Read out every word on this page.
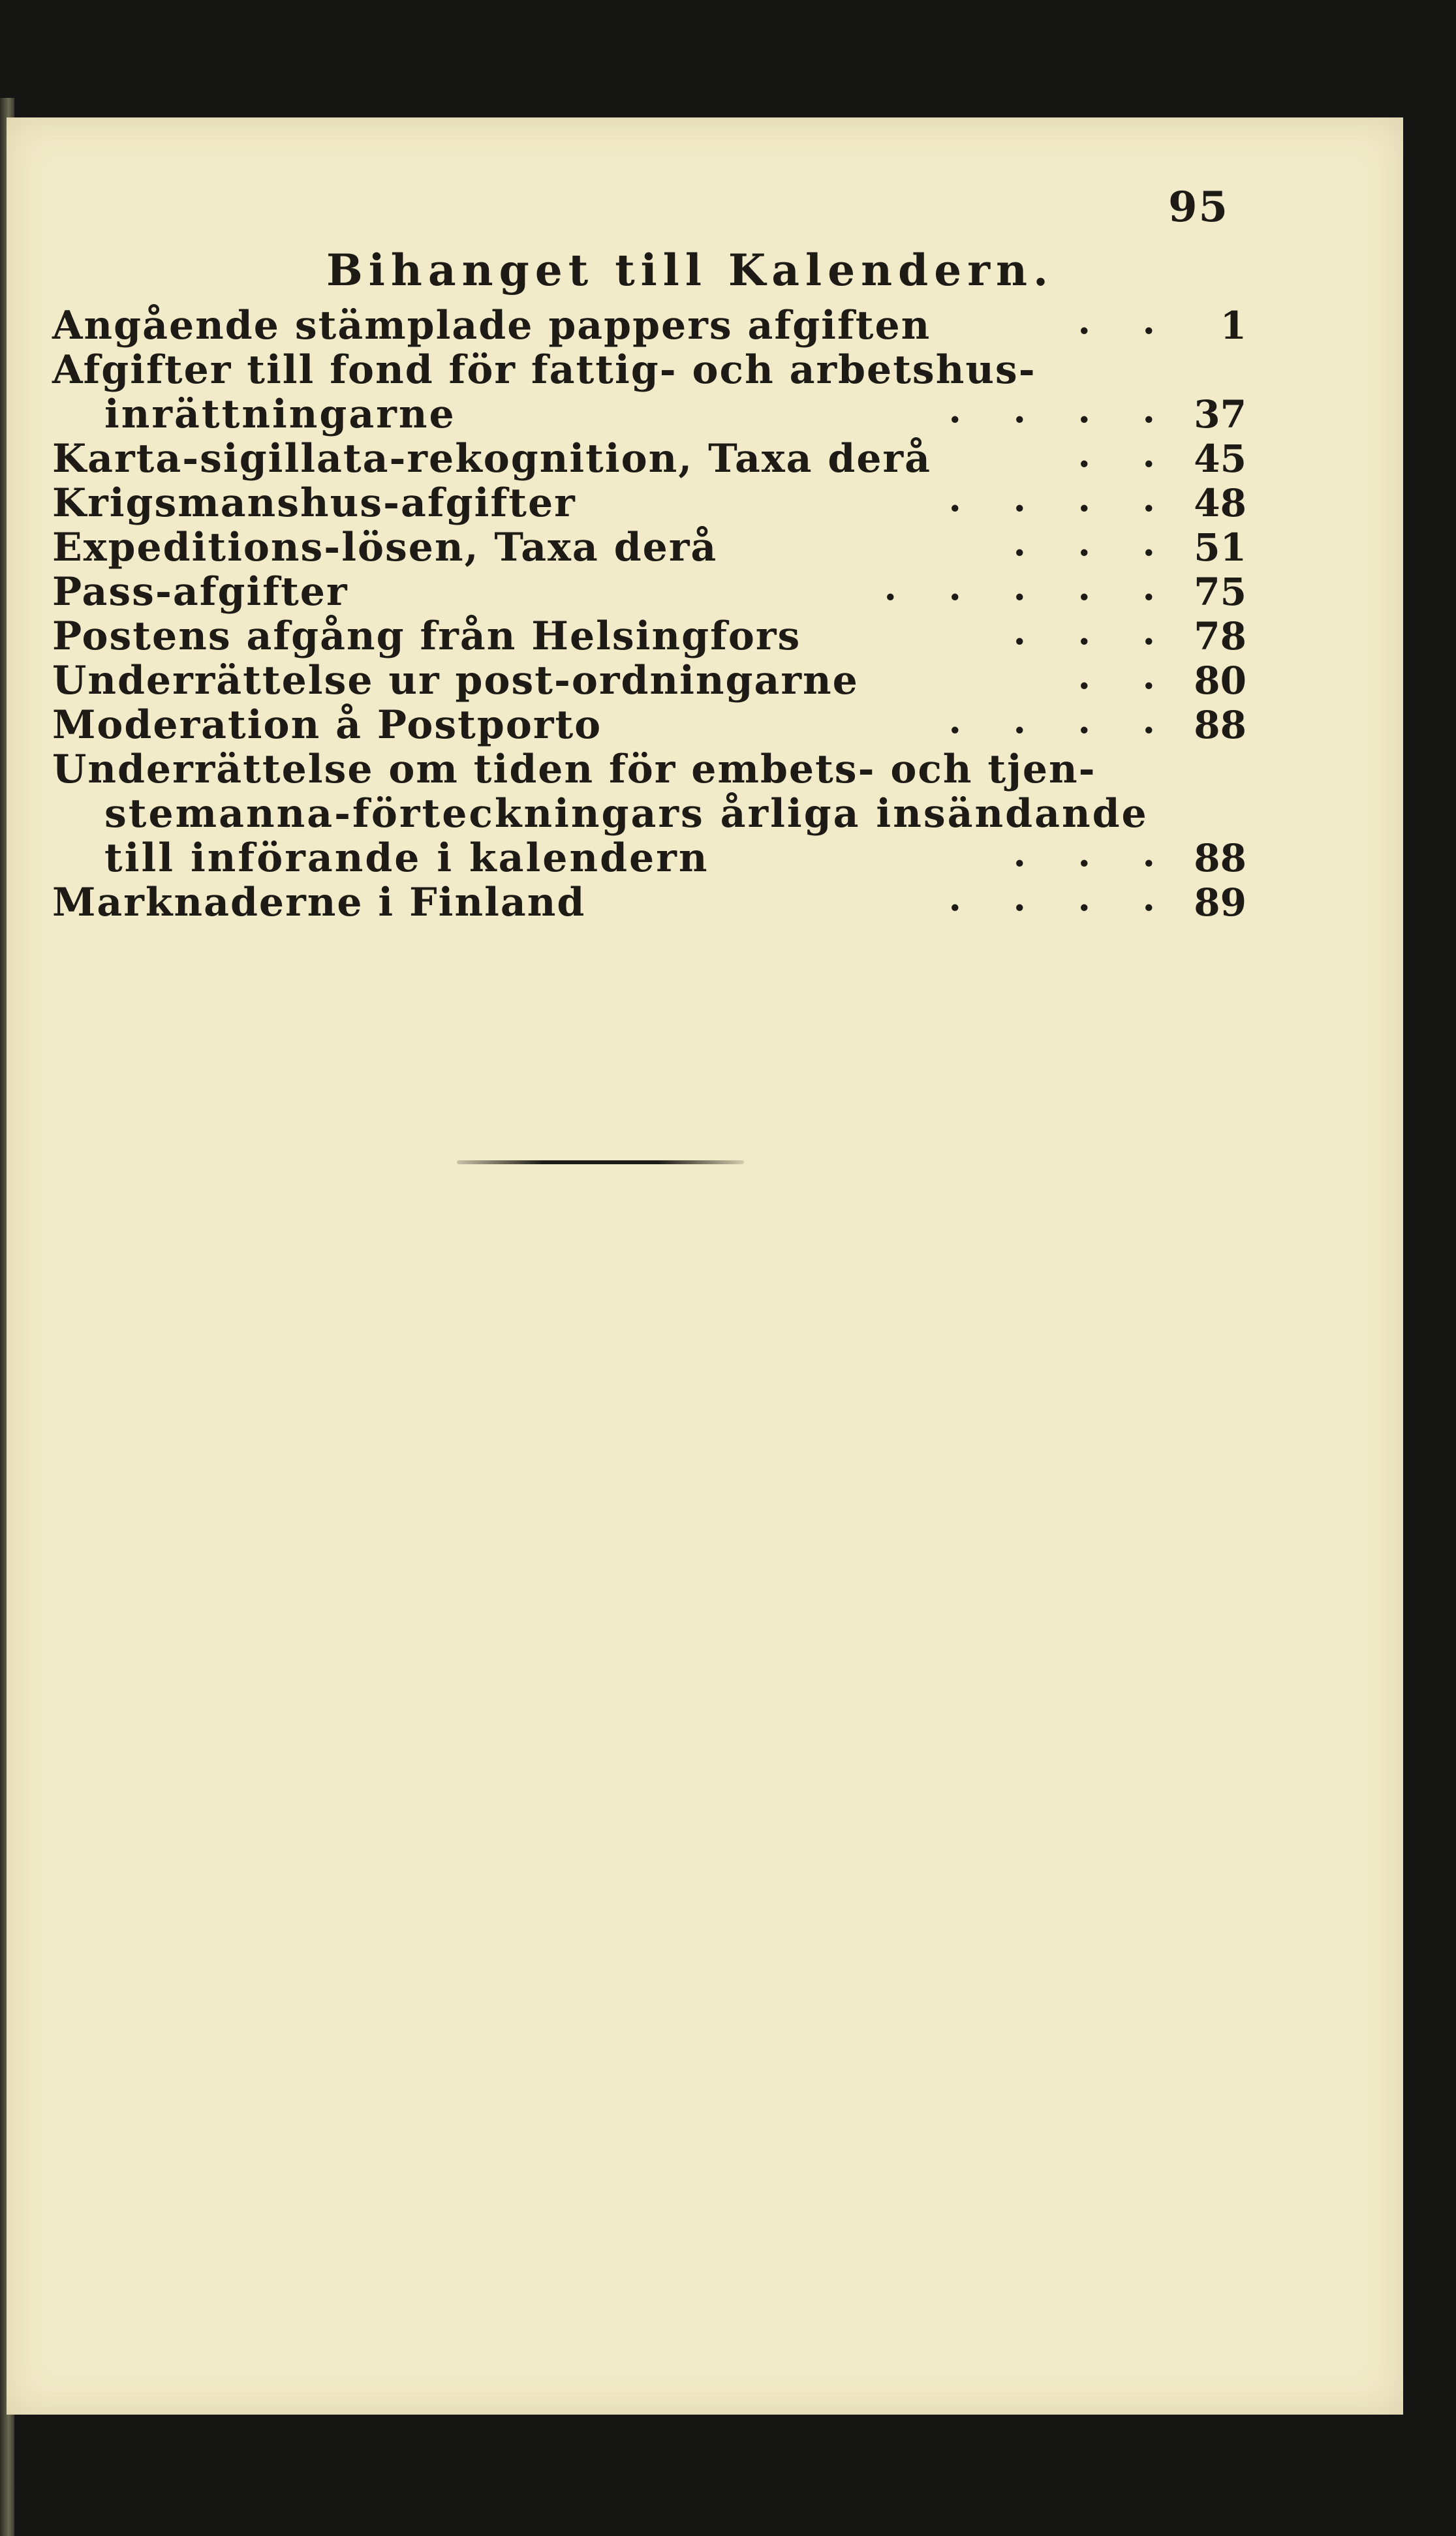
95
Bihanget till Kalendern.
Angående stämplade pappers afgiften	. .	1
Afgifter till fond för fattig- och arbetshus-
inrättningarne	. . . . 37
Karta-sigillata-rekognition, Taxa derå	. . 45
Krigsmanshus-afgifter	. . . . 48
Expeditions-lösen, Taxa derå	. . . 51
Pass-afgifter	. . . . . 75
Postens afgång från Helsingfors	. . . 78
Underrättelse ur post-ordningarne	. . 80
Moderation å Postporto	. . . . 88
Underrättelse om tiden för embets- och tjen-
stemanna-förteckningars årliga insändande
till införande i kalendern	. . . 88
Marknaderne i Finland	. . . . 89
